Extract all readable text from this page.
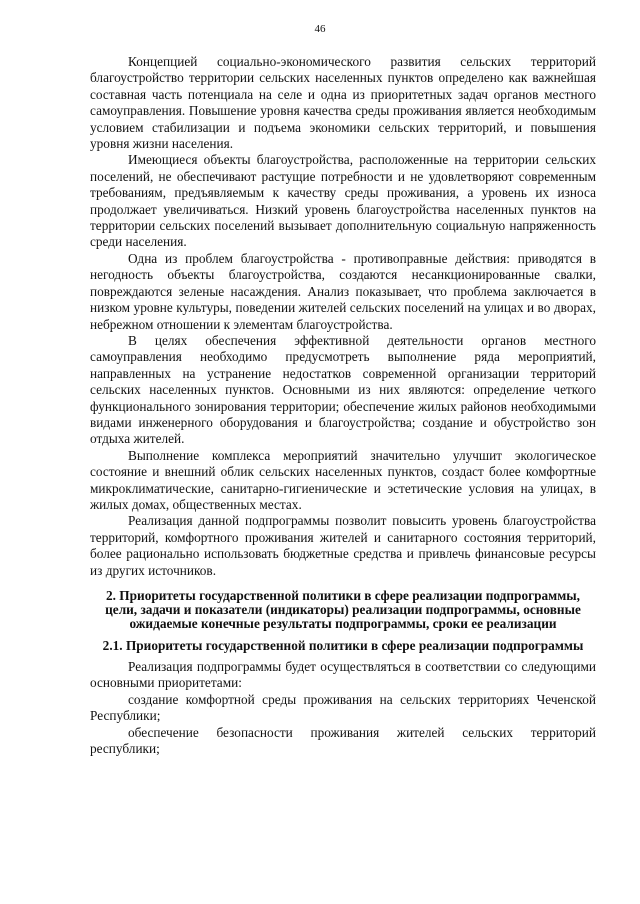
46

Концепцией социально-экономического развития сельских территорий благоустройство территории сельских населенных пунктов определено как важнейшая составная часть потенциала на селе и одна из приоритетных задач органов местного самоуправления. Повышение уровня качества среды проживания является необходимым условием стабилизации и подъема экономики сельских территорий, и повышения уровня жизни населения.

Имеющиеся объекты благоустройства, расположенные на территории сельских поселений, не обеспечивают растущие потребности и не удовлетворяют современным требованиям, предъявляемым к качеству среды проживания, а уровень их износа продолжает увеличиваться. Низкий уровень благоустройства населенных пунктов на территории сельских поселений вызывает дополнительную социальную напряженность среди населения.

Одна из проблем благоустройства - противоправные действия: приводятся в негодность объекты благоустройства, создаются несанкционированные свалки, повреждаются зеленые насаждения. Анализ показывает, что проблема заключается в низком уровне культуры, поведении жителей сельских поселений на улицах и во дворах, небрежном отношении к элементам благоустройства.

В целях обеспечения эффективной деятельности органов местного самоуправления необходимо предусмотреть выполнение ряда мероприятий, направленных на устранение недостатков современной организации территорий сельских населенных пунктов. Основными из них являются: определение четкого функционального зонирования территории; обеспечение жилых районов необходимыми видами инженерного оборудования и благоустройства; создание и обустройство зон отдыха жителей.

Выполнение комплекса мероприятий значительно улучшит экологическое состояние и внешний облик сельских населенных пунктов, создаст более комфортные микроклиматические, санитарно-гигиенические и эстетические условия на улицах, в жилых домах, общественных местах.

Реализация данной подпрограммы позволит повысить уровень благоустройства территорий, комфортного проживания жителей и санитарного состояния территорий, более рационально использовать бюджетные средства и привлечь финансовые ресурсы из других источников.

2. Приоритеты государственной политики в сфере реализации подпрограммы, цели, задачи и показатели (индикаторы) реализации подпрограммы, основные ожидаемые конечные результаты подпрограммы, сроки ее реализации
2.1. Приоритеты государственной политики в сфере реализации подпрограммы

Реализация подпрограммы будет осуществляться в соответствии со следующими основными приоритетами:

создание комфортной среды проживания на сельских территориях Чеченской Республики;

обеспечение безопасности проживания жителей сельских территорий республики;
